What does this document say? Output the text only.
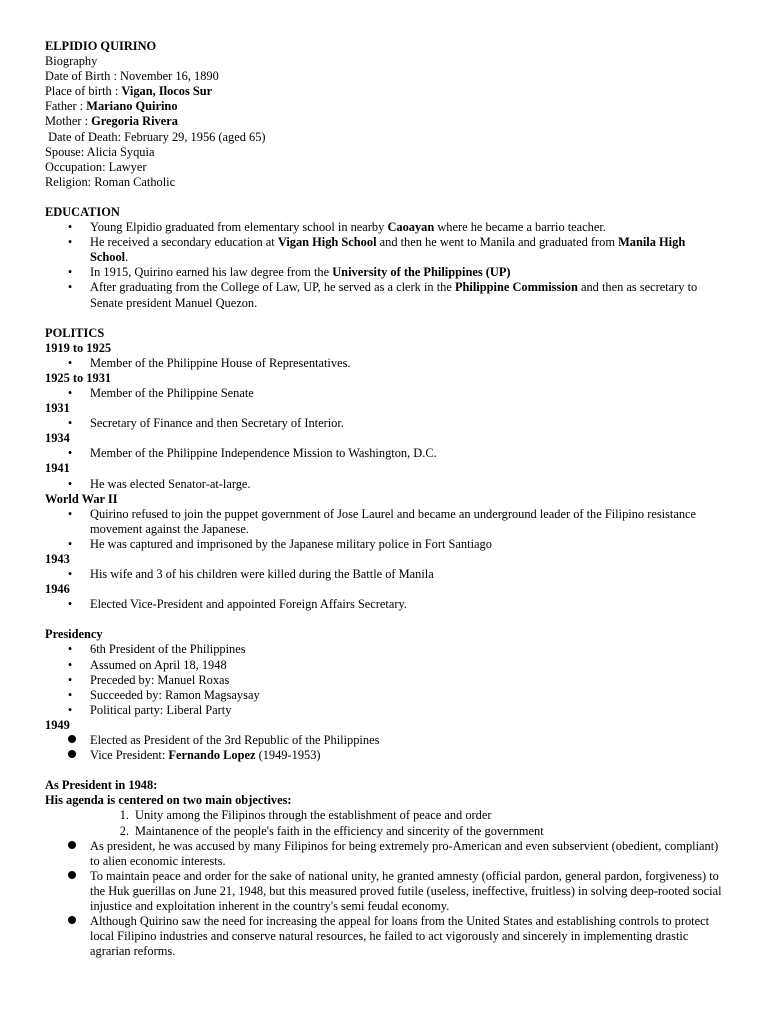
ELPIDIO QUIRINO
Biography
Date of Birth : November 16, 1890
Place of birth : Vigan, Ilocos Sur
Father : Mariano Quirino
Mother : Gregoria Rivera
Date of Death: February 29, 1956 (aged 65)
Spouse: Alicia Syquia
Occupation: Lawyer
Religion: Roman Catholic
EDUCATION
•	Young Elpidio graduated from elementary school in nearby Caoayan where he became a barrio teacher.
•	He received a secondary education at Vigan High School and then he went to Manila and graduated from Manila High School.
•	In 1915, Quirino earned his law degree from the University of the Philippines (UP)
•	After graduating from the College of Law, UP, he served as a clerk in the Philippine Commission and then as secretary to Senate president Manuel Quezon.
POLITICS
1919 to 1925
•	Member of the Philippine House of Representatives.
1925 to 1931
•	Member of the Philippine Senate
1931
•	Secretary of Finance and then Secretary of Interior.
1934
•	Member of the Philippine Independence Mission to Washington, D.C.
1941
•	He was elected Senator-at-large.
World War II
•	Quirino refused to join the puppet government of Jose Laurel and became an underground leader of the Filipino resistance movement against the Japanese.
•	He was captured and imprisoned by the Japanese military police in Fort Santiago
1943
•	His wife and 3 of his children were killed during the Battle of Manila
1946
•	Elected Vice-President and appointed Foreign Affairs Secretary.
Presidency
•	6th President of the Philippines
•	Assumed on April 18, 1948
•	Preceded by: Manuel Roxas
•	Succeeded by: Ramon Magsaysay
•	Political party: Liberal Party
1949
Elected as President of the 3rd Republic of the Philippines
Vice President: Fernando Lopez (1949-1953)
As President in 1948:
His agenda is centered on two main objectives:
1. Unity among the Filipinos through the establishment of peace and order
2. Maintanence of the people's faith in the efficiency and sincerity of the government
As president, he was accused by many Filipinos for being extremely pro-American and even subservient (obedient, compliant) to alien economic interests.
To maintain peace and order for the sake of national unity, he granted amnesty (official pardon, general pardon, forgiveness) to the Huk guerillas on June 21, 1948, but this measured proved futile (useless, ineffective, fruitless) in solving deep-rooted social injustice and exploitation inherent in the country's semi feudal economy.
Although Quirino saw the need for increasing the appeal for loans from the United States and establishing controls to protect local Filipino industries and conserve natural resources, he failed to act vigorously and sincerely in implementing drastic agrarian reforms.
